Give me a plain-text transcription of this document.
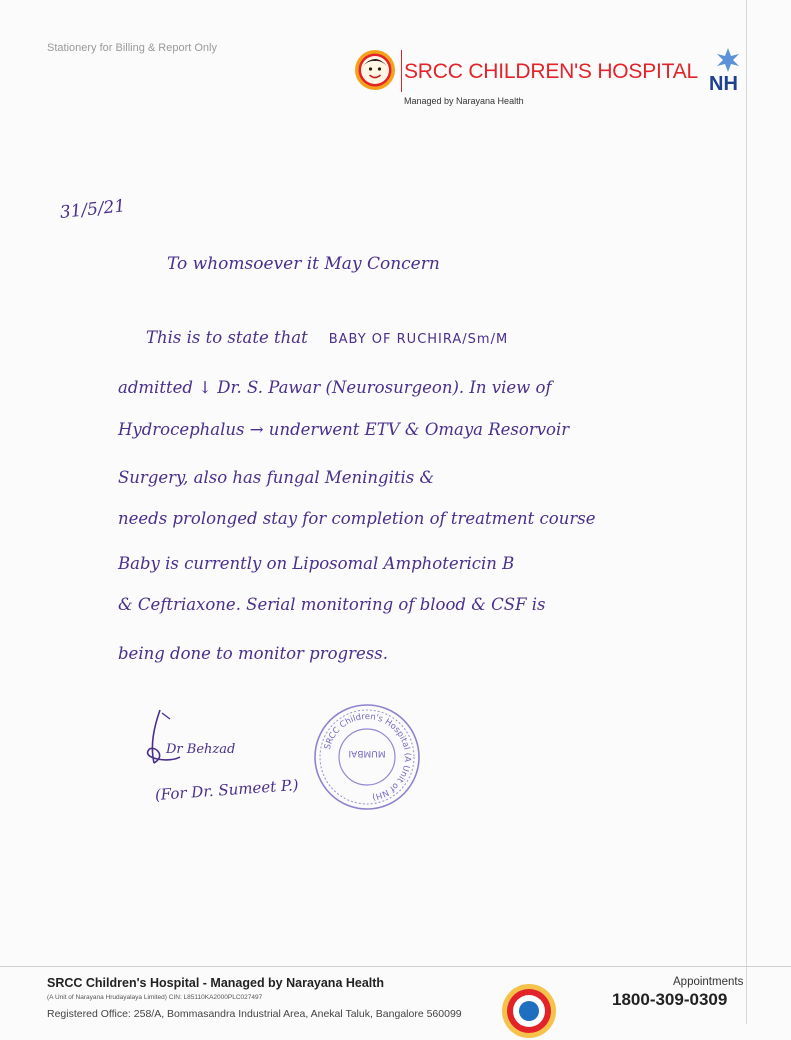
Stationery for Billing & Report Only
SRCC CHILDREN'S HOSPITAL
NH
Managed by Narayana Health
31/5/21
To whomsoever it May Concern
This is to state that BABY OF RUCHIRA/Sm/M
admitted ↓ Dr. S. Pawar (Neurosurgeon). In view of
Hydrocephalus → underwent ETV & Omaya Resorvoir
Surgery, also has fungal Meningitis &
needs prolonged stay for completion of treatment course
Baby is currently on Liposomal Amphotericin B
& Ceftriaxone. Serial monitoring of blood & CSF is
being done to monitor progress.
Dr Behzad
(For Dr. Sumeet P.)
SRCC Children's Hospital (A Unit of NH)
MUMBAI
SRCC Children's Hospital - Managed by Narayana Health
(A Unit of Narayana Hrudayalaya Limited) CIN: L85110KA2000PLC027497
Registered Office: 258/A, Bommasandra Industrial Area, Anekal Taluk, Bangalore 560099
Appointments
1800-309-0309
